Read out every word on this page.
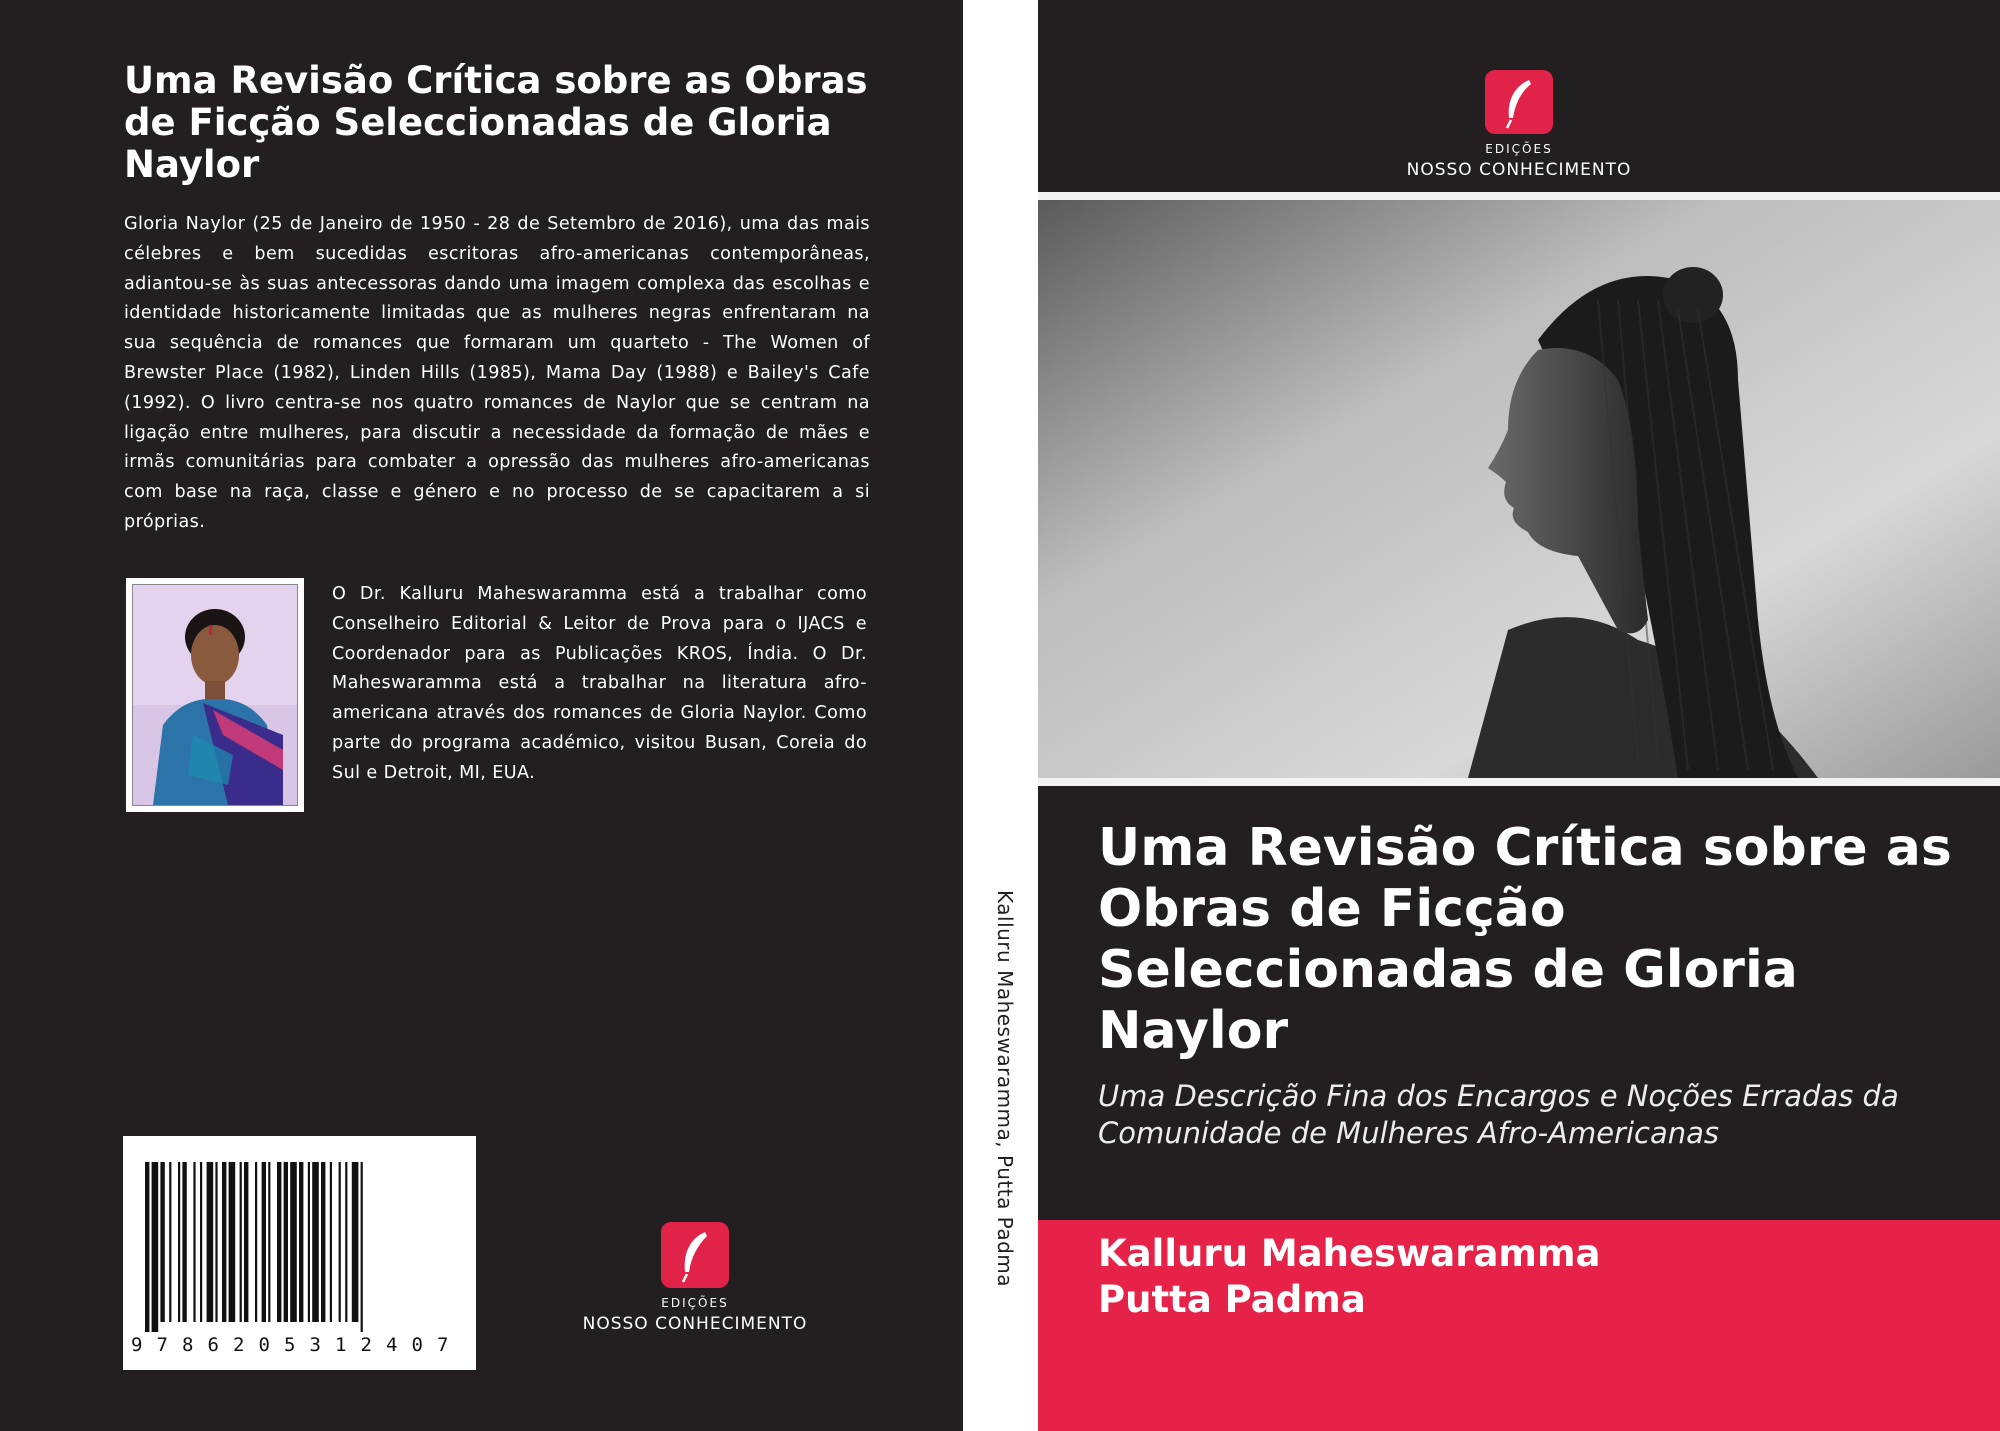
Uma Revisão Crítica sobre as Obras de Ficção Seleccionadas de Gloria Naylor
Gloria Naylor (25 de Janeiro de 1950 - 28 de Setembro de 2016), uma das mais célebres e bem sucedidas escritoras afro-americanas contemporâneas, adiantou-se às suas antecessoras dando uma imagem complexa das escolhas e identidade historicamente limitadas que as mulheres negras enfrentaram na sua sequência de romances que formaram um quarteto - The Women of Brewster Place (1982), Linden Hills (1985), Mama Day (1988) e Bailey's Cafe (1992). O livro centra-se nos quatro romances de Naylor que se centram na ligação entre mulheres, para discutir a necessidade da formação de mães e irmãs comunitárias para combater a opressão das mulheres afro-americanas com base na raça, classe e género e no processo de se capacitarem a si próprias.
O Dr. Kalluru Maheswaramma está a trabalhar como Conselheiro Editorial & Leitor de Prova para o IJACS e Coordenador para as Publicações KROS, Índia. O Dr. Maheswaramma está a trabalhar na literatura afro-americana através dos romances de Gloria Naylor. Como parte do programa académico, visitou Busan, Coreia do Sul e Detroit, MI, EUA.
9 7 8 6 2 0 5 3 1 2 4 0 7
EDIÇÕES
NOSSO CONHECIMENTO
Kalluru Maheswaramma, Putta Padma
EDIÇÕES
NOSSO CONHECIMENTO
Uma Revisão Crítica sobre as Obras de Ficção Seleccionadas de Gloria Naylor
Uma Descrição Fina dos Encargos e Noções Erradas da Comunidade de Mulheres Afro-Americanas
Kalluru Maheswaramma
Putta Padma
